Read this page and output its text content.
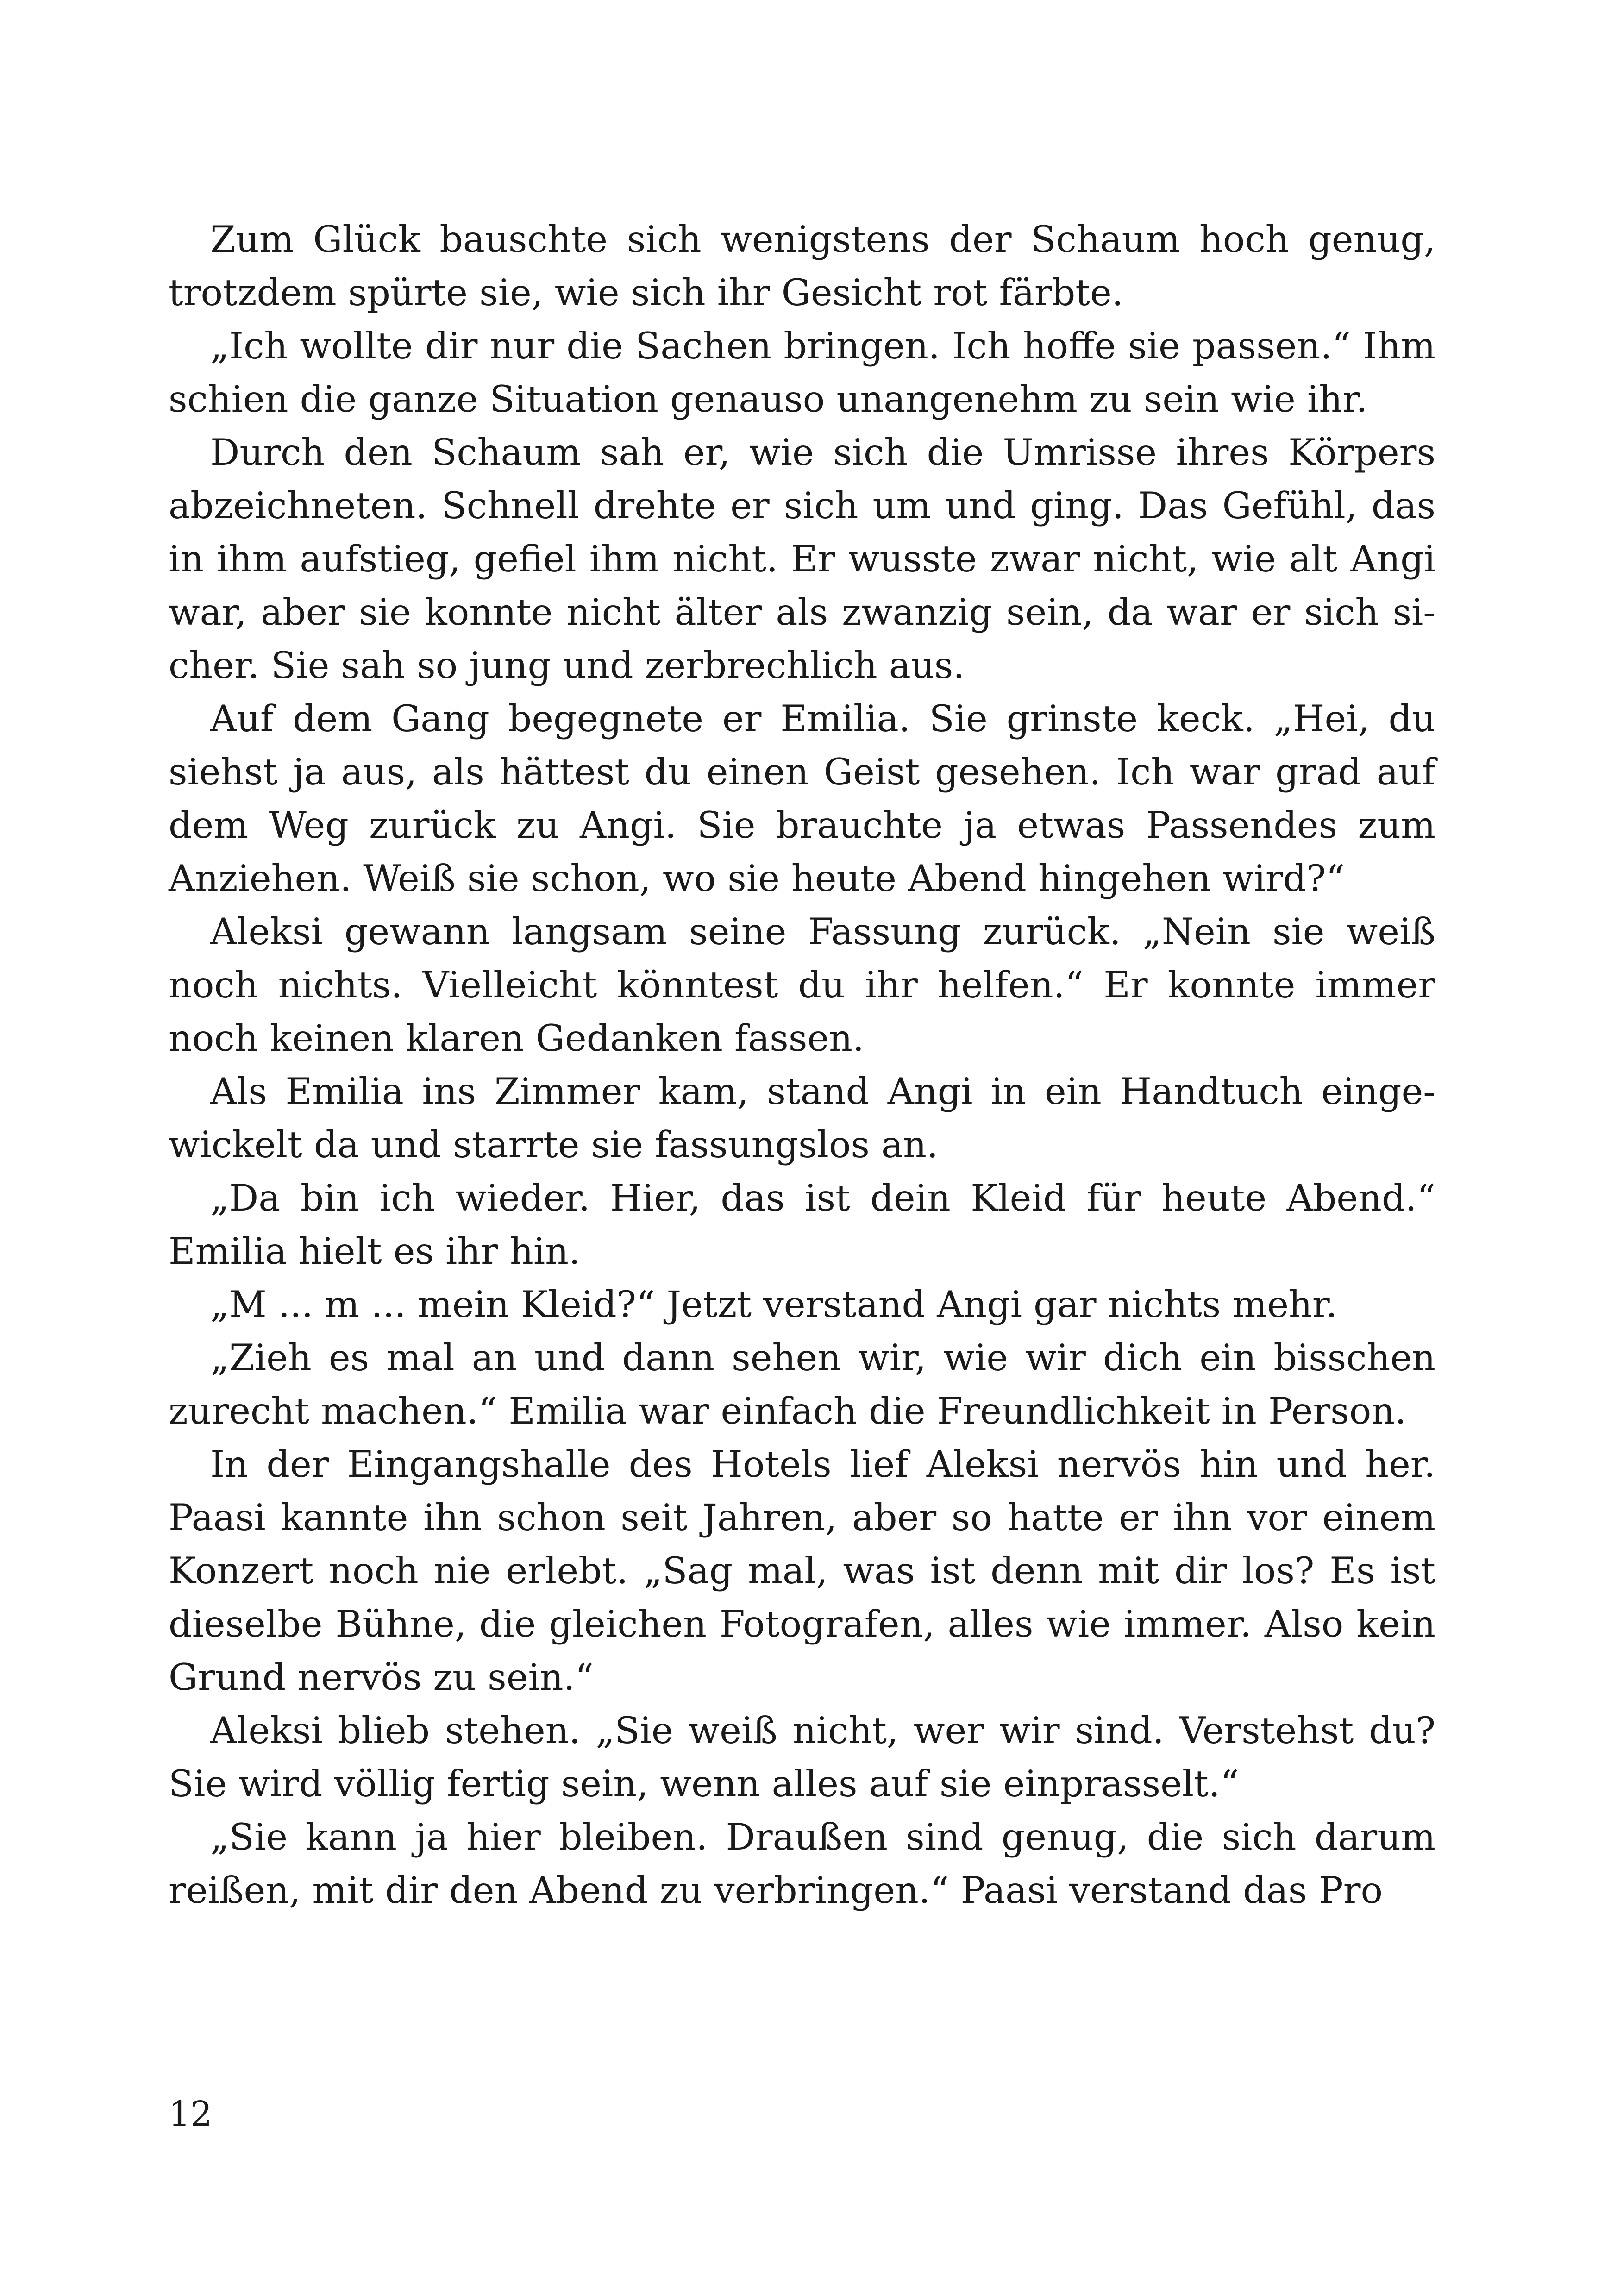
Zum Glück bauschte sich wenigstens der Schaum hoch genug, trotzdem spürte sie, wie sich ihr Gesicht rot färbte.

„Ich wollte dir nur die Sachen bringen. Ich hoffe sie passen.“ Ihm schien die ganze Situation genauso unangenehm zu sein wie ihr.

Durch den Schaum sah er, wie sich die Umrisse ihres Körpers abzeichneten. Schnell drehte er sich um und ging. Das Gefühl, das in ihm aufstieg, gefiel ihm nicht. Er wusste zwar nicht, wie alt Angi war, aber sie konnte nicht älter als zwanzig sein, da war er sich sicher. Sie sah so jung und zerbrechlich aus.

Auf dem Gang begegnete er Emilia. Sie grinste keck. „Hei, du siehst ja aus, als hättest du einen Geist gesehen. Ich war grad auf dem Weg zurück zu Angi. Sie brauchte ja etwas Passendes zum Anziehen. Weiß sie schon, wo sie heute Abend hingehen wird?“

Aleksi gewann langsam seine Fassung zurück. „Nein sie weiß noch nichts. Vielleicht könntest du ihr helfen.“ Er konnte immer noch keinen klaren Gedanken fassen.

Als Emilia ins Zimmer kam, stand Angi in ein Handtuch eingewickelt da und starrte sie fassungslos an.

„Da bin ich wieder. Hier, das ist dein Kleid für heute Abend.“ Emilia hielt es ihr hin.

„M ... m ... mein Kleid?“ Jetzt verstand Angi gar nichts mehr.

„Zieh es mal an und dann sehen wir, wie wir dich ein bisschen zurecht machen.“ Emilia war einfach die Freundlichkeit in Person.

In der Eingangshalle des Hotels lief Aleksi nervös hin und her. Paasi kannte ihn schon seit Jahren, aber so hatte er ihn vor einem Konzert noch nie erlebt. „Sag mal, was ist denn mit dir los? Es ist dieselbe Bühne, die gleichen Fotografen, alles wie immer. Also kein Grund nervös zu sein.“

Aleksi blieb stehen. „Sie weiß nicht, wer wir sind. Verstehst du? Sie wird völlig fertig sein, wenn alles auf sie einprasselt.“

„Sie kann ja hier bleiben. Draußen sind genug, die sich darum reißen, mit dir den Abend zu verbringen.“ Paasi verstand das Pro

12
